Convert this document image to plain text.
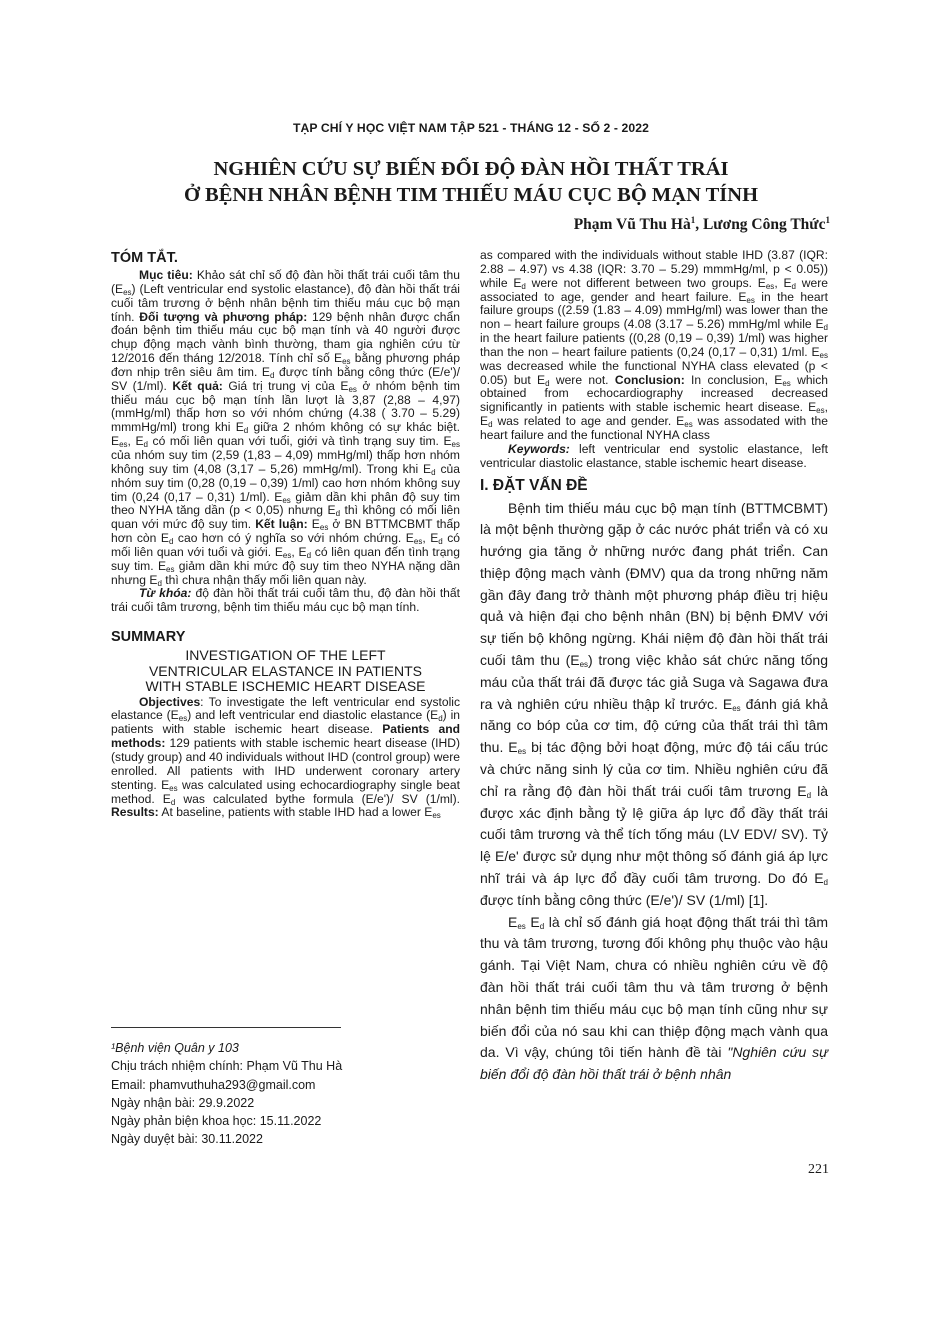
TẠP CHÍ Y HỌC VIỆT NAM TẬP 521 - THÁNG 12 - SỐ 2 - 2022
NGHIÊN CỨU SỰ BIẾN ĐỔI ĐỘ ĐÀN HỒI THẤT TRÁI
Ở BỆNH NHÂN BỆNH TIM THIẾU MÁU CỤC BỘ MẠN TÍNH
Phạm Vũ Thu $Hà^1$, Lương Công Thức$^1$
TÓM TẮT.

Mục tiêu: Khảo sát chỉ số độ đàn hồi thất trái cuối tâm thu $(E_{es})$ (Left ventricular end systolic elastance), độ đàn hồi thất trái cuối tâm trương ở bệnh nhân bệnh tim thiếu máu cục bộ mạn tính. Đối tượng và phương pháp: 129 bệnh nhân được chẩn đoán bệnh tim thiếu máu cục bộ mạn tính và 40 người được chụp động mạch vành bình thường, tham gia nghiên cứu từ 12/2016 đến tháng 12/2018. Tính chỉ số $E_{es}$ bằng phương pháp đơn nhịp trên siêu âm tim. $E_d$ được tính bằng công thức (E/e')/ SV (1/ml). Kết quả: Giá trị trung vị của $E_{es}$ ở nhóm bệnh tim thiếu máu cục bộ mạn tính lần lượt là 3,87 (2,88 – 4,97) (mmHg/ml) thấp hơn so với nhóm chứng (4.38 ( 3.70 – 5.29) mmmHg/ml) trong khi $E_d$ giữa 2 nhóm không có sự khác biệt. $E_{es}$, $E_d$ có mối liên quan với tuổi, giới và tình trạng suy tim. $E_{es}$ của nhóm suy tim (2,59 (1,83 – 4,09) mmHg/ml) thấp hơn nhóm không suy tim (4,08 (3,17 – 5,26) mmHg/ml). Trong khi $E_d$ của nhóm suy tim (0,28 (0,19 – 0,39) 1/ml) cao hơn nhóm không suy tim (0,24 (0,17 – 0,31) 1/ml). $E_{es}$ giảm dần khi phân độ suy tim theo NYHA tăng dần (p < 0,05) nhưng $E_d$ thì không có mối liên quan với mức độ suy tim. Kết luận: $E_{es}$ ở BN BTTMCBMT thấp hơn còn $E_d$ cao hơn có ý nghĩa so với nhóm chứng. $E_{es}$, $E_d$ có mối liên quan với tuổi và giới. $E_{es}$, $E_d$ có liên quan đến tình trạng suy tim. $E_{es}$ giảm dần khi mức độ suy tim theo NYHA nặng dần nhưng $E_d$ thì chưa nhận thấy mối liên quan này.

Từ khóa: độ đàn hồi thất trái cuối tâm thu, độ đàn hồi thất trái cuối tâm trương, bệnh tim thiếu máu cục bộ mạn tính.

SUMMARY
INVESTIGATION OF THE LEFT
VENTRICULAR ELASTANCE IN PATIENTS
WITH STABLE ISCHEMIC HEART DISEASE

Objectives: To investigate the left ventricular end systolic elastance $(E_{es})$ and left ventricular end diastolic elastance $(E_d)$ in patients with stable ischemic heart disease. Patients and methods: 129 patients with stable ischemic heart disease (IHD) (study group) and 40 individuals without IHD (control group) were enrolled. All patients with IHD underwent coronary artery stenting. $E_{es}$ was calculated using echocardiography single beat method. $E_d$ was calculated bythe formula (E/e')/ SV (1/ml). Results: At baseline, patients with stable IHD had a lower $E_{es}$

as compared with the individuals without stable IHD (3.87 (IQR: 2.88 – 4.97) vs 4.38 (IQR: 3.70 – 5.29) mmmHg/ml, p < 0.05)) while $E_d$ were not different between two groups. $E_{es}$, $E_d$ were associated to age, gender and heart failure. $E_{es}$ in the heart failure groups ((2.59 (1.83 – 4.09) mmHg/ml) was lower than the non – heart failure groups (4.08 (3.17 – 5.26) mmHg/ml while $E_d$ in the heart failure patients ((0,28 (0,19 – 0,39) 1/ml) was higher than the non – heart failure patients (0,24 (0,17 – 0,31) 1/ml. $E_{es}$ was decreased while the functional NYHA class elevated (p < 0.05) but $E_d$ were not. Conclusion: In conclusion, $E_{es}$ which obtained from echocardiography increased decreased significantly in patients with stable ischemic heart disease. $E_{es}$, $E_d$ was related to age and gender. $E_{es}$ was assodated with the heart failure and the functional NYHA class

Keywords: left ventricular end systolic elastance, left ventricular diastolic elastance, stable ischemic heart disease.

I. ĐẶT VẤN ĐỀ

Bệnh tim thiếu máu cục bộ mạn tính (BTTMCBMT) là một bệnh thường gặp ở các nước phát triển và có xu hướng gia tăng ở những nước đang phát triển. Can thiệp động mạch vành (ĐMV) qua da trong những năm gần đây đang trở thành một phương pháp điều trị hiệu quả và hiện đại cho bệnh nhân (BN) bị bệnh ĐMV với sự tiến bộ không ngừng. Khái niệm độ đàn hồi thất trái cuối tâm thu $(E_{es})$ trong việc khảo sát chức năng tống máu của thất trái đã được tác giả Suga và Sagawa đưa ra và nghiên cứu nhiều thập kỉ trước. $E_{es}$ đánh giá khả năng co bóp của cơ tim, độ cứng của thất trái thì tâm thu. $E_{es}$ bị tác động bởi hoạt động, mức độ tái cấu trúc và chức năng sinh lý của cơ tim. Nhiều nghiên cứu đã chỉ ra rằng độ đàn hồi thất trái cuối tâm trương $E_d$ là được xác định bằng tỷ lệ giữa áp lực đổ đầy thất trái cuối tâm trương và thể tích tống máu (LV EDV/ SV). Tỷ lệ E/e' được sử dụng như một thông số đánh giá áp lực nhĩ trái và áp lực đổ đầy cuối tâm trương. Do đó $E_d$ được tính bằng công thức (E/e')/ SV (1/ml) [1].

$E_{es}$ $E_d$ là chỉ số đánh giá hoạt động thất trái thì tâm thu và tâm trương, tương đối không phụ thuộc vào hậu gánh. Tại Việt Nam, chưa có nhiều nghiên cứu về độ đàn hồi thất trái cuối tâm thu và tâm trương ở bệnh nhân bệnh tim thiếu máu cục bộ mạn tính cũng như sự biến đổi của nó sau khi can thiệp động mạch vành qua da. Vì vậy, chúng tôi tiến hành đề tài "Nghiên cứu sự biến đổi độ đàn hồi thất trái ở bệnh nhân

¹Bệnh viện Quân y 103
Chịu trách nhiệm chính: Phạm Vũ Thu Hà
Email: phamvuthuha293@gmail.com
Ngày nhận bài: 29.9.2022
Ngày phản biện khoa học: 15.11.2022
Ngày duyệt bài: 30.11.2022
221
